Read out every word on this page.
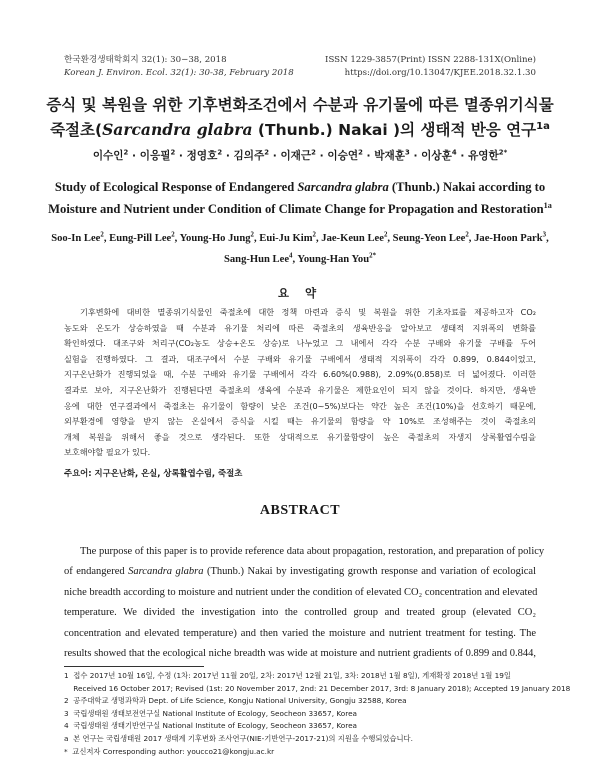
한국환경생태학회지 32(1): 30−38, 2018
Korean J. Environ. Ecol. 32(1): 30-38, February 2018
ISSN 1229-3857(Print) ISSN 2288-131X(Online)
https://doi.org/10.13047/KJEE.2018.32.1.30
증식 및 복원을 위한 기후변화조건에서 수분과 유기물에 따른 멸종위기식물
죽절초(Sarcandra glabra (Thunb.) Nakai )의 생태적 반응 연구$^{1a}$
이수인$^2$ · 이응필$^2$ · 정영호$^2$ · 김의주$^2$ · 이재근$^2$ · 이승연$^2$ · 박재훈$^3$ · 이상훈$^4$ · 유영한$^{2*}$
Study of Ecological Response of Endangered Sarcandra glabra (Thunb.) Nakai according to
Moisture and Nutrient under Condition of Climate Change for Propagation and Restoration$^{1a}$
Soo-In Lee$^2$, Eung-Pill Lee$^2$, Young-Ho Jung$^2$, Eui-Ju Kim$^2$, Jae-Keun Lee$^2$, Seung-Yeon Lee$^2$, Jae-Hoon Park$^3$,
Sang-Hun Lee$^4$, Young-Han You$^{2*}$
요 약
기후변화에 대비한 멸종위기식물인 죽절초에 대한 정책 마련과 증식 및 복원을 위한 기초자료를 제공하고자 CO₂
농도와 온도가 상승하였을 때 수분과 유기물 처리에 따른 죽절초의 생육반응을 알아보고 생태적 지위폭의 변화를
확인하였다. 대조구와 처리구(CO₂농도 상승+온도 상승)로 나누었고 그 내에서 각각 수분 구배와 유기물 구배를 두어
실험을 진행하였다. 그 결과, 대조구에서 수분 구배와 유기물 구배에서 생태적 지위폭이 각각 0.899, 0.844이었고,
지구온난화가 진행되었을 때, 수분 구배와 유기물 구배에서 각각 6.60%(0.988), 2.09%(0.858)로 더 넓어졌다. 이러한
결과로 보아, 지구온난화가 진행된다면 죽절초의 생육에 수분과 유기물은 제한요인이 되지 않을 것이다. 하지만, 생육반
응에 대한 연구결과에서 죽절초는 유기물이 함량이 낮은 조건(0~5%)보다는 약간 높은 조건(10%)을 선호하기 때문에,
외부환경에 영향을 받지 않는 온실에서 증식을 시킬 때는 유기물의 함량을 약 10%로 조성해주는 것이 죽절초의
개체 복원을 위해서 좋을 것으로 생각된다. 또한 상대적으로 유기물함량이 높은 죽절초의 자생지 상록활엽수림을
보호해야할 필요가 있다.
주요어: 지구온난화, 온실, 상록활엽수림, 죽절초
ABSTRACT
The purpose of this paper is to provide reference data about propagation, restoration, and preparation of policy
of endangered Sarcandra glabra (Thunb.) Nakai by investigating growth response and variation of ecological
niche breadth according to moisture and nutrient under the condition of elevated CO₂ concentration and elevated
temperature. We divided the investigation into the controlled group and treated group (elevated CO₂
concentration and elevated temperature) and then varied the moisture and nutrient treatment for testing. The
results showed that the ecological niche breadth was wide at moisture and nutrient gradients of 0.899 and 0.844,
1  접수 2017년 10월 16일, 수정 (1차: 2017년 11월 20일, 2차: 2017년 12월 21일, 3차: 2018년 1월 8일), 게재확정 2018년 1월 19일
Received 16 October 2017; Revised (1st: 20 November 2017, 2nd: 21 December 2017, 3rd: 8 January 2018); Accepted 19 January 2018
2  공주대학교 생명과학과 Dept. of Life Science, Kongju National University, Gongju 32588, Korea
3  국립생태원 생태보전연구실 National Institute of Ecology, Seocheon 33657, Korea
4  국립생태원 생태기반연구실 National Institute of Ecology, Seocheon 33657, Korea
a  본 연구는 국립생태원 2017 생태계 기후변화 조사연구(NIE-기반연구-2017-21)의 지원을 수행되었습니다.
*  교신저자 Corresponding author: youcco21@kongju.ac.kr
